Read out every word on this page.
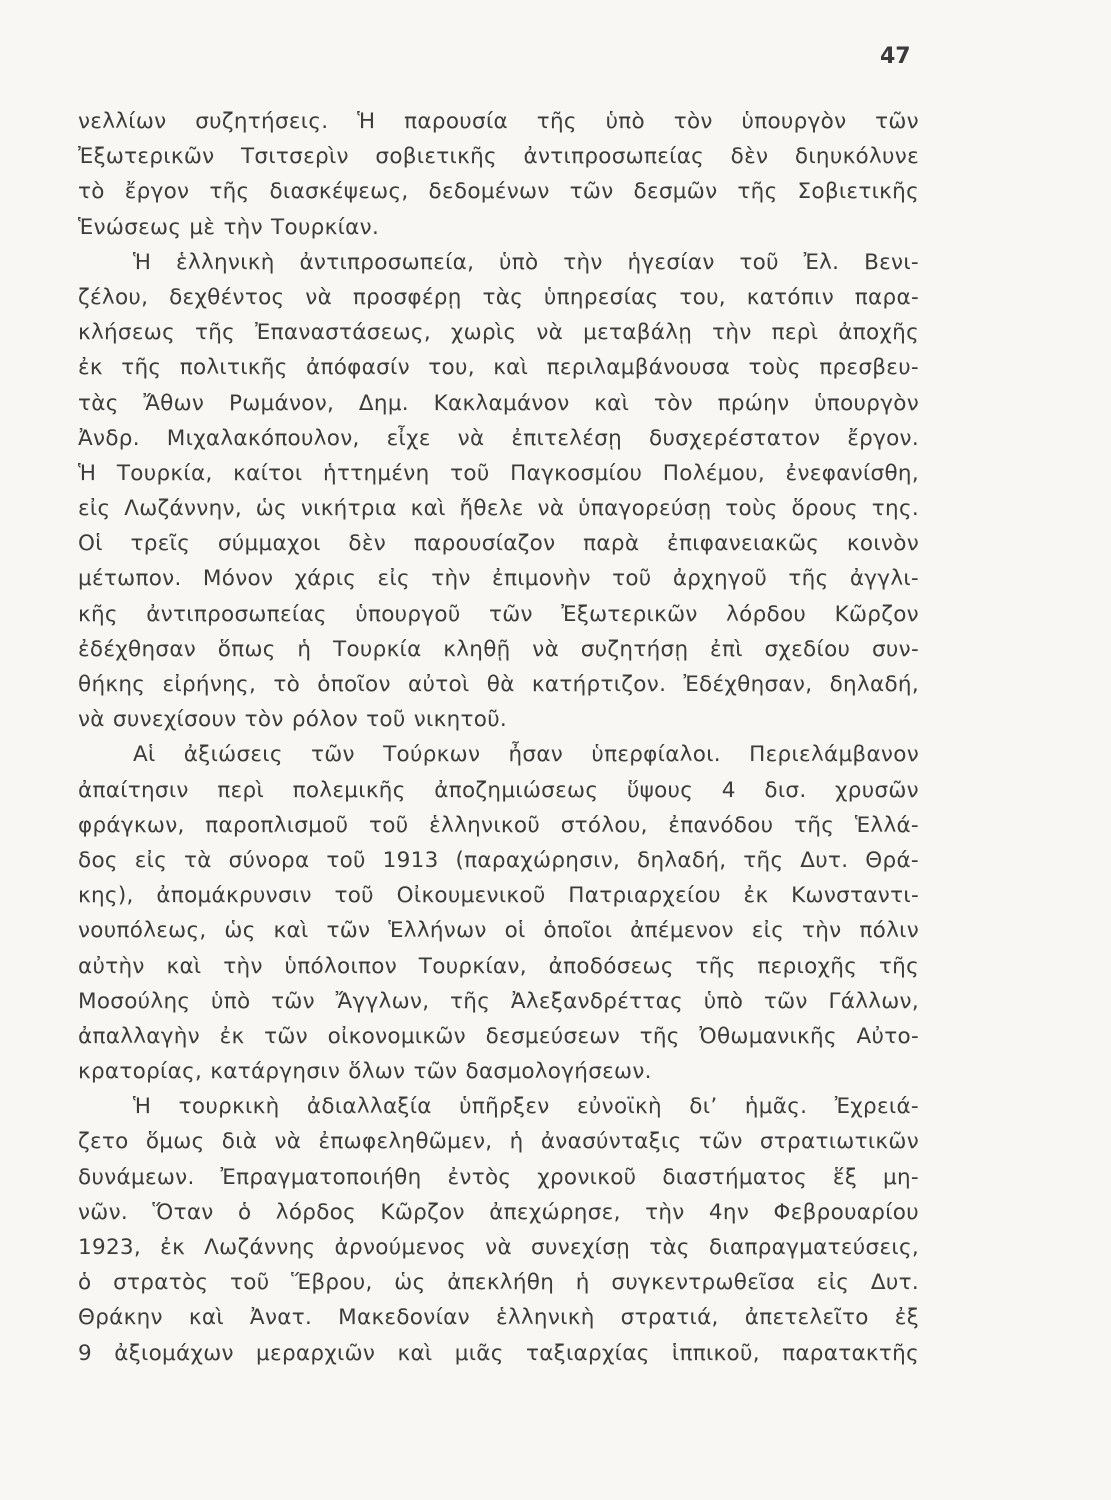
47
νελλίων συζητήσεις. Ἡ παρουσία τῆς ὑπὸ τὸν ὑπουργὸν τῶν
Ἐξωτερικῶν Τσιτσερὶν σοβιετικῆς ἀντιπροσωπείας δὲν διηυκόλυνε
τὸ ἔργον τῆς διασκέψεως, δεδομένων τῶν δεσμῶν τῆς Σοβιετικῆς
Ἑνώσεως μὲ τὴν Τουρκίαν.
Ἡ ἑλληνικὴ ἀντιπροσωπεία, ὑπὸ τὴν ἡγεσίαν τοῦ Ἐλ. Βενι-
ζέλου, δεχθέντος νὰ προσφέρῃ τὰς ὑπηρεσίας του, κατόπιν παρα-
κλήσεως τῆς Ἐπαναστάσεως, χωρὶς νὰ μεταβάλῃ τὴν περὶ ἀποχῆς
ἐκ τῆς πολιτικῆς ἀπόφασίν του, καὶ περιλαμβάνουσα τοὺς πρεσβευ-
τὰς Ἄθων Ρωμάνον, Δημ. Κακλαμάνον καὶ τὸν πρώην ὑπουργὸν
Ἀνδρ. Μιχαλακόπουλον, εἶχε νὰ ἐπιτελέσῃ δυσχερέστατον ἔργον.
Ἡ Τουρκία, καίτοι ἡττημένη τοῦ Παγκοσμίου Πολέμου, ἐνεφανίσθη,
εἰς Λωζάννην, ὡς νικήτρια καὶ ἤθελε νὰ ὑπαγορεύσῃ τοὺς ὅρους της.
Οἱ τρεῖς σύμμαχοι δὲν παρουσίαζον παρὰ ἐπιφανειακῶς κοινὸν
μέτωπον. Μόνον χάρις εἰς τὴν ἐπιμονὴν τοῦ ἀρχηγοῦ τῆς ἀγγλι-
κῆς ἀντιπροσωπείας ὑπουργοῦ τῶν Ἐξωτερικῶν λόρδου Κῶρζον
ἐδέχθησαν ὅπως ἡ Τουρκία κληθῇ νὰ συζητήσῃ ἐπὶ σχεδίου συν-
θήκης εἰρήνης, τὸ ὁποῖον αὐτοὶ θὰ κατήρτιζον. Ἐδέχθησαν, δηλαδή,
νὰ συνεχίσουν τὸν ρόλον τοῦ νικητοῦ.
Αἱ ἀξιώσεις τῶν Τούρκων ἦσαν ὑπερφίαλοι. Περιελάμβανον
ἀπαίτησιν περὶ πολεμικῆς ἀποζημιώσεως ὕψους 4 δισ. χρυσῶν
φράγκων, παροπλισμοῦ τοῦ ἑλληνικοῦ στόλου, ἐπανόδου τῆς Ἑλλά-
δος εἰς τὰ σύνορα τοῦ 1913 (παραχώρησιν, δηλαδή, τῆς Δυτ. Θρά-
κης), ἀπομάκρυνσιν τοῦ Οἰκουμενικοῦ Πατριαρχείου ἐκ Κωνσταντι-
νουπόλεως, ὡς καὶ τῶν Ἑλλήνων οἱ ὁποῖοι ἀπέμενον εἰς τὴν πόλιν
αὐτὴν καὶ τὴν ὑπόλοιπον Τουρκίαν, ἀποδόσεως τῆς περιοχῆς τῆς
Μοσούλης ὑπὸ τῶν Ἄγγλων, τῆς Ἀλεξανδρέττας ὑπὸ τῶν Γάλλων,
ἀπαλλαγὴν ἐκ τῶν οἰκονομικῶν δεσμεύσεων τῆς Ὀθωμανικῆς Αὐτο-
κρατορίας, κατάργησιν ὅλων τῶν δασμολογήσεων.
Ἡ τουρκικὴ ἀδιαλλαξία ὑπῆρξεν εὐνοϊκὴ δι’ ἡμᾶς. Ἐχρειά-
ζετο ὅμως διὰ νὰ ἐπωφεληθῶμεν, ἡ ἀνασύνταξις τῶν στρατιωτικῶν
δυνάμεων. Ἐπραγματοποιήθη ἐντὸς χρονικοῦ διαστήματος ἕξ μη-
νῶν. Ὅταν ὁ λόρδος Κῶρζον ἀπεχώρησε, τὴν 4ην Φεβρουαρίου
1923, ἐκ Λωζάννης ἀρνούμενος νὰ συνεχίσῃ τὰς διαπραγματεύσεις,
ὁ στρατὸς τοῦ Ἕβρου, ὡς ἀπεκλήθη ἡ συγκεντρωθεῖσα εἰς Δυτ.
Θράκην καὶ Ἀνατ. Μακεδονίαν ἑλληνικὴ στρατιά, ἀπετελεῖτο ἐξ
9 ἀξιομάχων μεραρχιῶν καὶ μιᾶς ταξιαρχίας ἱππικοῦ, παρατακτῆς
